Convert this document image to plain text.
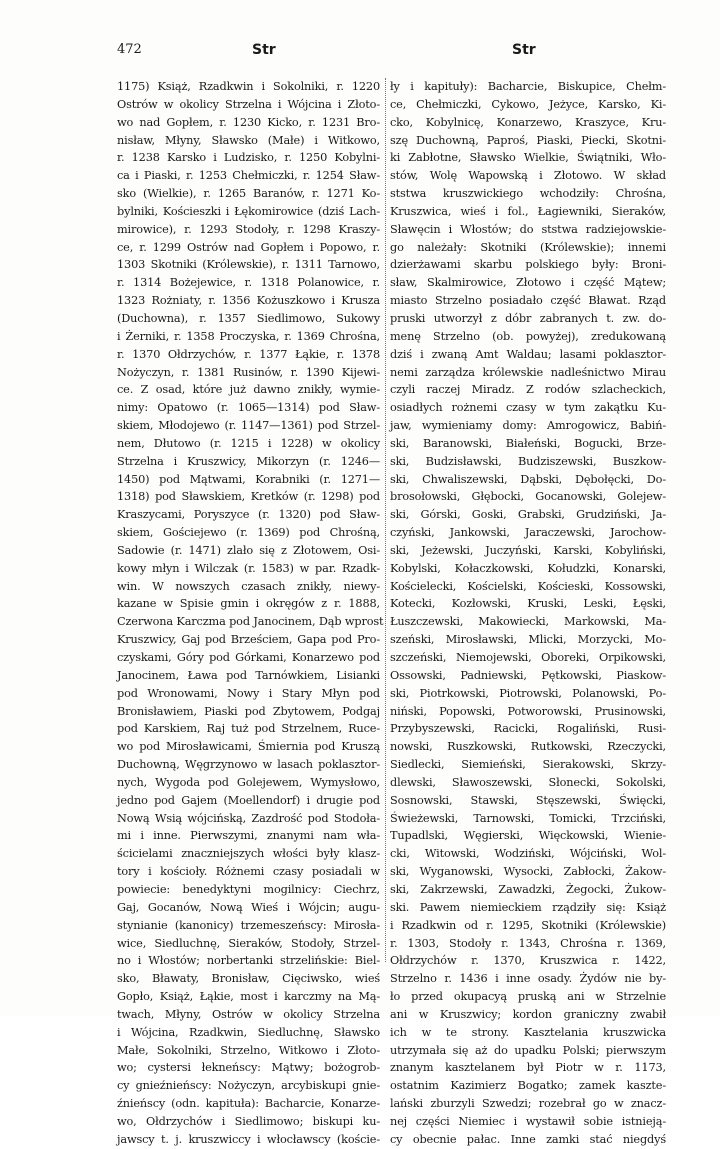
472	Str	Str
1175) Książ, Rzadkwin i Sokolniki, r. 1220
Ostrów w okolicy Strzelna i Wójcina i Złoto-
wo nad Gopłem, r. 1230 Kicko, r. 1231 Bro-
nisław, Młyny, Sławsko (Małe) i Witkowo,
r. 1238 Karsko i Ludzisko, r. 1250 Kobylni-
ca i Piaski, r. 1253 Chełmiczki, r. 1254 Sław-
sko (Wielkie), r. 1265 Baranów, r. 1271 Ko-
bylniki, Kościeszki i Łękomirowice (dziś Lach-
mirowice), r. 1293 Stodoły, r. 1298 Kraszy-
ce, r. 1299 Ostrów nad Gopłem i Popowo, r.
1303 Skotniki (Królewskie), r. 1311 Tarnowo,
r. 1314 Bożejewice, r. 1318 Polanowice, r.
1323 Rożniaty, r. 1356 Kożuszkowo i Krusza
(Duchowna), r. 1357 Siedlimowo, Sukowy
i Żerniki, r. 1358 Proczyska, r. 1369 Chrośna,
r. 1370 Ołdrzychów, r. 1377 Łąkie, r. 1378
Nożyczyn, r. 1381 Rusinów, r. 1390 Kijewi-
ce. Z osad, które już dawno znikły, wymie-
nimy: Opatowo (r. 1065—1314) pod Sław-
skiem, Młodojewo (r. 1147—1361) pod Strzel-
nem, Dłutowo (r. 1215 i 1228) w okolicy
Strzelna i Kruszwicy, Mikorzyn (r. 1246—
1450) pod Mątwami, Korabniki (r. 1271—
1318) pod Sławskiem, Kretków (r. 1298) pod
Kraszycami, Poryszyce (r. 1320) pod Sław-
skiem, Gościejewo (r. 1369) pod Chrośną,
Sadowie (r. 1471) zlało się z Złotowem, Osi-
kowy młyn i Wilczak (r. 1583) w par. Rzadk-
win. W nowszych czasach znikły, niewy-
kazane w Spisie gmin i okręgów z r. 1888,
Czerwona Karczma pod Janocinem, Dąb wprost
Kruszwicy, Gaj pod Brześciem, Gapa pod Pro-
czyskami, Góry pod Górkami, Konarzewo pod
Janocinem, Ława pod Tarnówkiem, Lisianki
pod Wronowami, Nowy i Stary Młyn pod
Bronisławiem, Piaski pod Zbytowem, Podgaj
pod Karskiem, Raj tuż pod Strzelnem, Ruce-
wo pod Mirosławicami, Śmiernia pod Kruszą
Duchowną, Węgrzynowo w lasach poklasztor-
nych, Wygoda pod Golejewem, Wymysłowo,
jedno pod Gajem (Moellendorf) i drugie pod
Nową Wsią wójcińską, Zazdrość pod Stodoła-
mi i inne. Pierwszymi, znanymi nam wła-
ścicielami znaczniejszych włości były klasz-
tory i kościoły. Różnemi czasy posiadali w
powiecie: benedyktyni mogilnicy: Ciechrz,
Gaj, Gocanów, Nową Wieś i Wójcin; augu-
stynianie (kanonicy) trzemeszeńscy: Mirosła-
wice, Siedluchnę, Sieraków, Stodoły, Strzel-
no i Włostów; norbertanki strzelińskie: Biel-
sko, Bławaty, Bronisław, Cięciwsko, wieś
Gopło, Książ, Łąkie, most i karczmy na Mą-
twach, Młyny, Ostrów w okolicy Strzelna
i Wójcina, Rzadkwin, Siedluchnę, Sławsko
Małe, Sokolniki, Strzelno, Witkowo i Złoto-
wo; cystersi łekneńscy: Mątwy; bożogrob-
cy gnieźnieńscy: Nożyczyn, arcybiskupi gnie-
źnieńscy (odn. kapituła): Bacharcie, Konarze-
wo, Ołdrzychów i Siedlimowo; biskupi ku-
jawscy t. j. kruszwiccy i włocławscy (koście-
ły i kapituły): Bacharcie, Biskupice, Chełm-
ce, Chełmiczki, Cykowo, Jeżyce, Karsko, Ki-
cko, Kobylnicę, Konarzewo, Kraszyce, Kru-
szę Duchowną, Paproś, Piaski, Piecki, Skotni-
ki Zabłotne, Sławsko Wielkie, Świątniki, Wło-
stów, Wolę Wapowską i Złotowo. W skład
ststwa kruszwickiego wchodziły: Chrośna,
Kruszwica, wieś i fol., Łagiewniki, Sieraków,
Sławęcin i Włostów; do ststwa radziejowskie-
go należały: Skotniki (Królewskie); innemi
dzierżawami skarbu polskiego były: Broni-
sław, Skalmirowice, Złotowo i część Mątew;
miasto Strzelno posiadało część Bławat. Rząd
pruski utworzył z dóbr zabranych t. zw. do-
menę Strzelno (ob. powyżej), zredukowaną
dziś i zwaną Amt Waldau; lasami poklasztor-
nemi zarządza królewskie nadleśnictwo Mirau
czyli raczej Miradz. Z rodów szlacheckich,
osiadłych rożnemi czasy w tym zakątku Ku-
jaw, wymieniamy domy: Amrogowicz, Babiń-
ski, Baranowski, Białeński, Bogucki, Brze-
ski, Budzisławski, Budziszewski, Buszkow-
ski, Chwaliszewski, Dąbski, Dębołęcki, Do-
brosołowski, Głębocki, Gocanowski, Golejew-
ski, Górski, Goski, Grabski, Grudziński, Ja-
czyński, Jankowski, Jaraczewski, Jarochow-
ski, Jeżewski, Juczyński, Karski, Kobyliński,
Kobylski, Kołaczkowski, Kołudzki, Konarski,
Kościelecki, Kościelski, Kościeski, Kossowski,
Kotecki, Kozłowski, Kruski, Leski, Łęski,
Łuszczewski, Makowiecki, Markowski, Ma-
szeński, Mirosławski, Mlicki, Morzycki, Mo-
szczeński, Niemojewski, Oboreki, Orpikowski,
Ossowski, Padniewski, Pętkowski, Piaskow-
ski, Piotrkowski, Piotrowski, Polanowski, Po-
niński, Popowski, Potworowski, Prusinowski,
Przybyszewski, Racicki, Rogaliński, Rusi-
nowski, Ruszkowski, Rutkowski, Rzeczycki,
Siedlecki, Siemieński, Sierakowski, Skrzy-
dlewski, Sławoszewski, Słonecki, Sokolski,
Sosnowski, Stawski, Stęszewski, Święcki,
Świeżewski, Tarnowski, Tomicki, Trzciński,
Tupadlski, Węgierski, Więckowski, Wienie-
cki, Witowski, Wodziński, Wójciński, Wol-
ski, Wyganowski, Wysocki, Zabłocki, Żakow-
ski, Zakrzewski, Zawadzki, Żegocki, Żukow-
ski. Pawem niemieckiem rządziły się: Książ
i Rzadkwin od r. 1295, Skotniki (Królewskie)
r. 1303, Stodoły r. 1343, Chrośna r. 1369,
Ołdrzychów r. 1370, Kruszwica r. 1422,
Strzelno r. 1436 i inne osady. Żydów nie by-
ło przed okupacyą pruską ani w Strzelnie
ani w Kruszwicy; kordon graniczny zwabił
ich w te strony. Kasztelania kruszwicka
utrzymała się aż do upadku Polski; pierwszym
znanym kasztelanem był Piotr w r. 1173,
ostatnim Kazimierz Bogatko; zamek kaszte-
lański zburzyli Szwedzi; rozebrał go w znacz-
nej części Niemiec i wystawił sobie istnieją-
cy obecnie pałac. Inne zamki stać niegdyś
